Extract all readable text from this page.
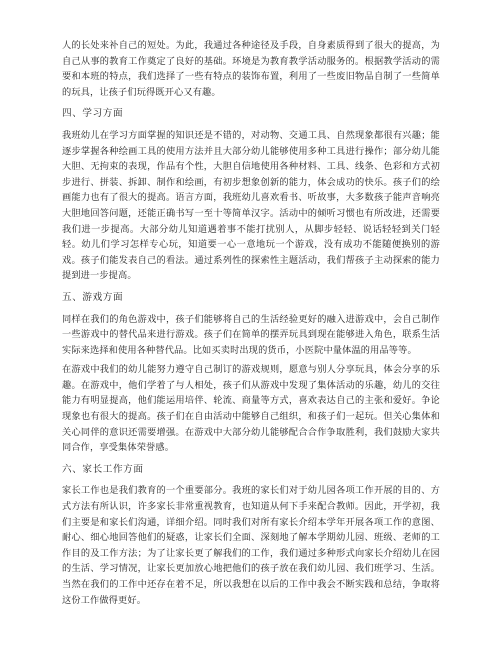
人的长处来补自己的短处。为此，我通过各种途径及手段，自身素质得到了很大的提高，为自己从事的教育工作奠定了良好的基础。环境是为教育教学活动服务的。根据教学活动的需要和本班的特点，我们选择了一些有特点的装饰布置，利用了一些废旧物品自制了一些简单的玩具，让孩子们玩得既开心又有趣。

四、学习方面

我班幼儿在学习方面掌握的知识还是不错的，对动物、交通工具、自然现象都很有兴趣；能逐步掌握各种绘画工具的使用方法并且大部分幼儿能够使用多种工具进行操作；部分幼儿能大胆、无拘束的表现，作品有个性，大胆自信地使用各种材料、工具、线条、色彩和方式初步进行、拼装、拆卸、制作和绘画，有初步想象创新的能力，体会成功的快乐。孩子们的绘画能力也有了很大的提高。语言方面，我班幼儿喜欢看书、听故事，大多数孩子能声音响亮大胆地回答问题，还能正确书写一至十等简单汉字。活动中的倾听习惯也有所改进，还需要我们进一步提高。大部分幼儿知道遇着事不能打扰别人，从脚步轻轻、说话轻轻到关门轻轻。幼儿们学习怎样专心玩，知道要一心一意地玩一个游戏，没有成功不能随便换别的游戏。孩子们能发表自己的看法。通过系列性的探索性主题活动，我们帮孩子主动探索的能力提到进一步提高。

五、游戏方面

同样在我们的角色游戏中，孩子们能够将自己的生活经验更好的融入进游戏中，会自己制作一些游戏中的替代品来进行游戏。孩子们在简单的摆弄玩具到现在能够进入角色，联系生活实际来选择和使用各种替代品。比如买卖时出现的货币，小医院中量体温的用品等等。

在游戏中我们的幼儿能努力遵守自己制订的游戏规则，愿意与别人分享玩具，体会分享的乐趣。在游戏中，他们学着了与人相处，孩子们从游戏中发现了集体活动的乐趣，幼儿的交往能力有明显提高，他们能运用培伴、轮流、商量等方式，喜欢表达自己的主张和爱好。争论现象也有很大的提高。孩子们在自由活动中能够自己组织，和孩子们一起玩。但关心集体和关心同伴的意识还需要增强。在游戏中大部分幼儿能够配合合作争取胜利，我们鼓励大家共同合作，享受集体荣誉感。

六、家长工作方面

家长工作也是我们教育的一个重要部分。我班的家长们对于幼儿园各项工作开展的目的、方式方法有所认识，许多家长非常重视教育，也知道从何下手来配合教师。因此，开学初，我们主要是和家长们沟通，详细介绍。同时我们对所有家长介绍本学年开展各项工作的意图、耐心、细心地回答他们的疑惑，让家长们全面、深刻地了解本学期幼儿园、班级、老师的工作目的及工作方法；为了让家长更了解我们的工作，我们通过多种形式向家长介绍幼儿在园的生活、学习情况，让家长更加放心地把他们的孩子放在我们幼儿园、我们班学习、生活。当然在我们的工作中还存在着不足，所以我想在以后的工作中我会不断实践和总结，争取将这份工作做得更好。
